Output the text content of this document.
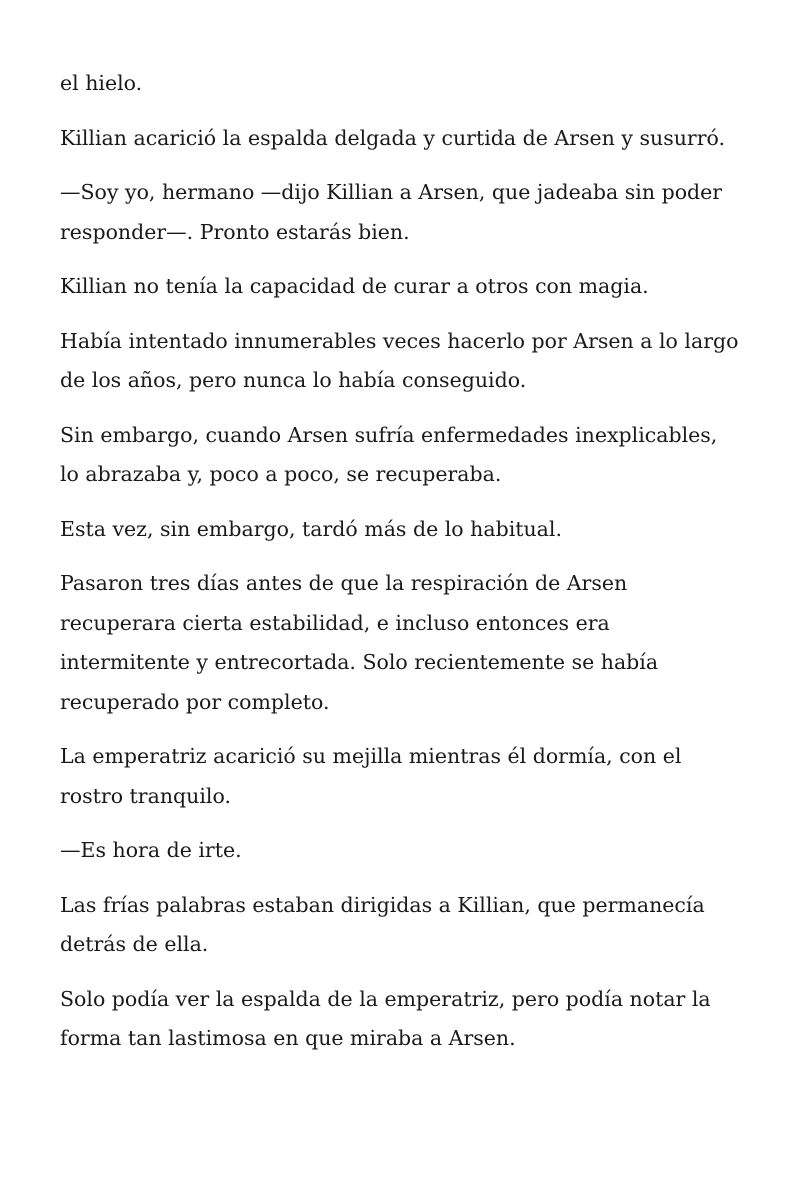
el hielo.

Killian acarició la espalda delgada y curtida de Arsen y susurró.

—Soy yo, hermano —dijo Killian a Arsen, que jadeaba sin poder responder—. Pronto estarás bien.

Killian no tenía la capacidad de curar a otros con magia.

Había intentado innumerables veces hacerlo por Arsen a lo largo de los años, pero nunca lo había conseguido.

Sin embargo, cuando Arsen sufría enfermedades inexplicables, lo abrazaba y, poco a poco, se recuperaba.

Esta vez, sin embargo, tardó más de lo habitual.

Pasaron tres días antes de que la respiración de Arsen recuperara cierta estabilidad, e incluso entonces era intermitente y entrecortada. Solo recientemente se había recuperado por completo.

La emperatriz acarició su mejilla mientras él dormía, con el rostro tranquilo.

—Es hora de irte.

Las frías palabras estaban dirigidas a Killian, que permanecía detrás de ella.

Solo podía ver la espalda de la emperatriz, pero podía notar la forma tan lastimosa en que miraba a Arsen.
